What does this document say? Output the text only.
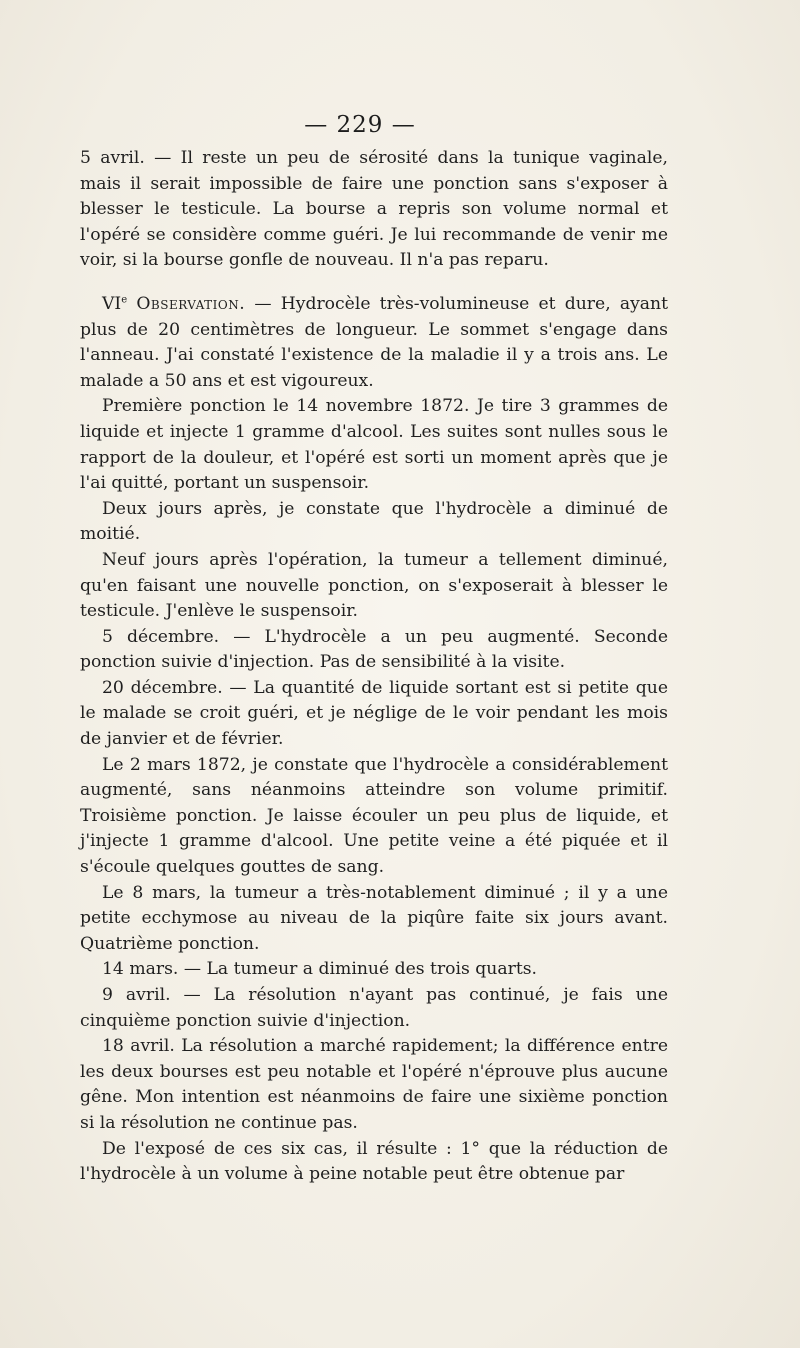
— 229 —

5 avril. — Il reste un peu de sérosité dans la tunique vaginale, mais il serait impossible de faire une ponction sans s'exposer à blesser le testicule. La bourse a repris son volume normal et l'opéré se considère comme guéri. Je lui recommande de venir me voir, si la bourse gonfle de nouveau. Il n'a pas reparu.

VIe Observation. — Hydrocèle très-volumineuse et dure, ayant plus de 20 centimètres de longueur. Le sommet s'engage dans l'anneau. J'ai constaté l'existence de la maladie il y a trois ans. Le malade a 50 ans et est vigoureux.

Première ponction le 14 novembre 1872. Je tire 3 grammes de liquide et injecte 1 gramme d'alcool. Les suites sont nulles sous le rapport de la douleur, et l'opéré est sorti un moment après que je l'ai quitté, portant un suspensoir.

Deux jours après, je constate que l'hydrocèle a diminué de moitié.

Neuf jours après l'opération, la tumeur a tellement diminué, qu'en faisant une nouvelle ponction, on s'exposerait à blesser le testicule. J'enlève le suspensoir.

5 décembre. — L'hydrocèle a un peu augmenté. Seconde ponction suivie d'injection. Pas de sensibilité à la visite.

20 décembre. — La quantité de liquide sortant est si petite que le malade se croit guéri, et je néglige de le voir pendant les mois de janvier et de février.

Le 2 mars 1872, je constate que l'hydrocèle a considérablement augmenté, sans néanmoins atteindre son volume primitif. Troisième ponction. Je laisse écouler un peu plus de liquide, et j'injecte 1 gramme d'alcool. Une petite veine a été piquée et il s'écoule quelques gouttes de sang.

Le 8 mars, la tumeur a très-notablement diminué ; il y a une petite ecchymose au niveau de la piqûre faite six jours avant. Quatrième ponction.

14 mars. — La tumeur a diminué des trois quarts.

9 avril. — La résolution n'ayant pas continué, je fais une cinquième ponction suivie d'injection.

18 avril. La résolution a marché rapidement; la différence entre les deux bourses est peu notable et l'opéré n'éprouve plus aucune gêne. Mon intention est néanmoins de faire une sixième ponction si la résolution ne continue pas.

De l'exposé de ces six cas, il résulte : 1° que la réduction de l'hydrocèle à un volume à peine notable peut être obtenue par
